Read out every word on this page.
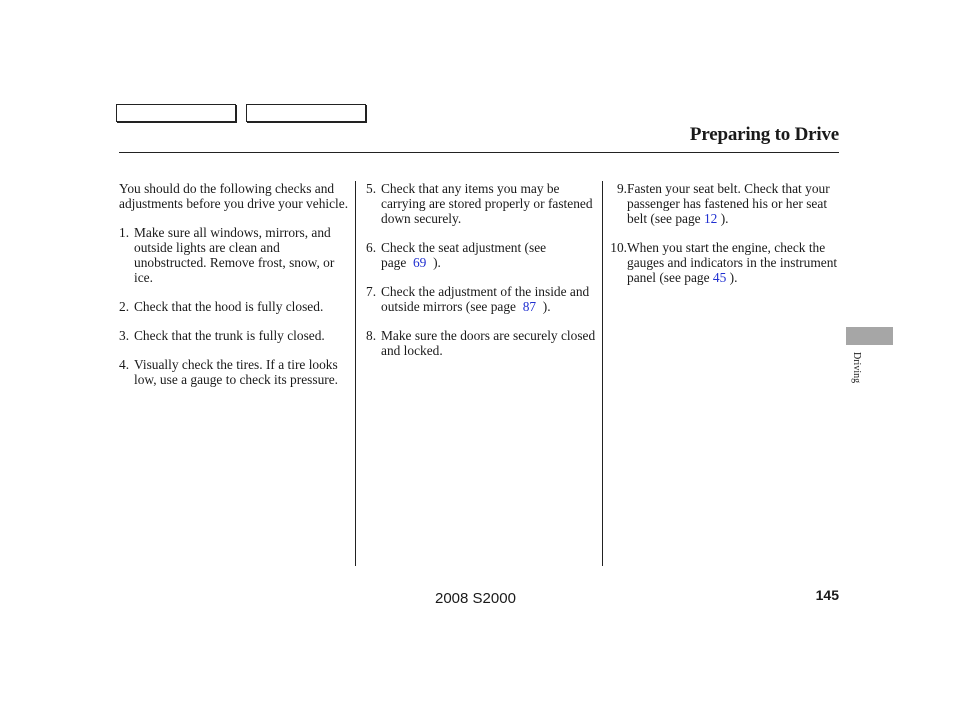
Preparing to Drive

You should do the following checks and adjustments before you drive your vehicle.

1. Make sure all windows, mirrors, and outside lights are clean and unobstructed. Remove frost, snow, or ice.
2. Check that the hood is fully closed.
3. Check that the trunk is fully closed.
4. Visually check the tires. If a tire looks low, use a gauge to check its pressure.
5. Check that any items you may be carrying are stored properly or fastened down securely.
6. Check the seat adjustment (see page 69 ).
7. Check the adjustment of the inside and outside mirrors (see page 87 ).
8. Make sure the doors are securely closed and locked.
9. Fasten your seat belt. Check that your passenger has fastened his or her seat belt (see page 12 ).
10. When you start the engine, check the gauges and indicators in the instrument panel (see page 45 ).
Driving
2008 S2000	145
